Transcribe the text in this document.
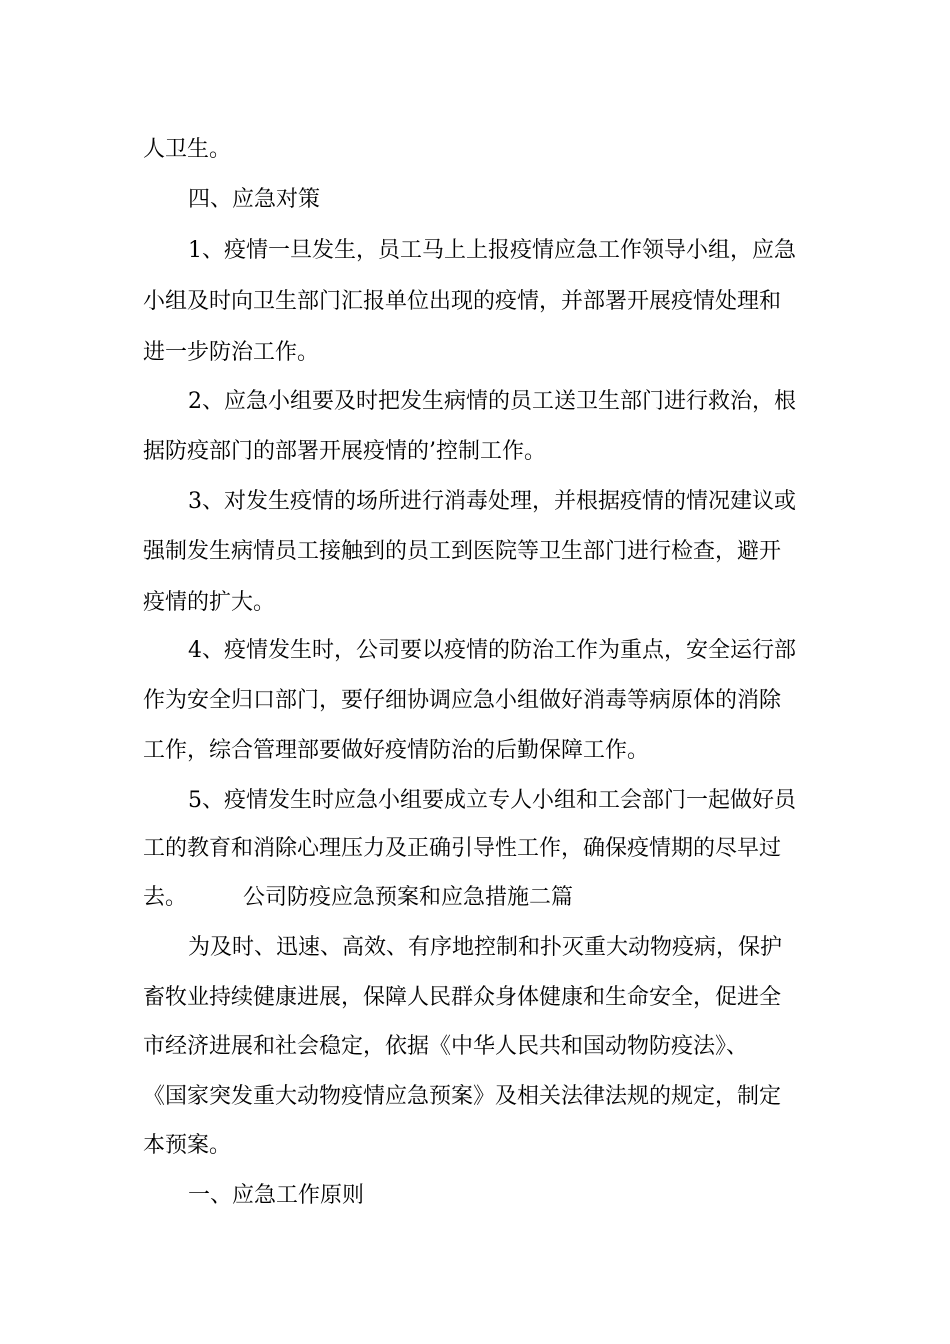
人卫生。
四、应急对策
1、疫情一旦发生，员工马上上报疫情应急工作领导小组，应急
小组及时向卫生部门汇报单位出现的疫情，并部署开展疫情处理和
进一步防治工作。
2、应急小组要及时把发生病情的员工送卫生部门进行救治，根
据防疫部门的部署开展疫情的’控制工作。
3、对发生疫情的场所进行消毒处理，并根据疫情的情况建议或
强制发生病情员工接触到的员工到医院等卫生部门进行检查，避开
疫情的扩大。
4、疫情发生时，公司要以疫情的防治工作为重点，安全运行部
作为安全归口部门，要仔细协调应急小组做好消毒等病原体的消除
工作，综合管理部要做好疫情防治的后勤保障工作。
5、疫情发生时应急小组要成立专人小组和工会部门一起做好员
工的教育和消除心理压力及正确引导性工作，确保疫情期的尽早过
去。	公司防疫应急预案和应急措施二篇
为及时、迅速、高效、有序地控制和扑灭重大动物疫病，保护
畜牧业持续健康进展，保障人民群众身体健康和生命安全，促进全
市经济进展和社会稳定，依据《中华人民共和国动物防疫法》、
《国家突发重大动物疫情应急预案》及相关法律法规的规定，制定
本预案。
一、应急工作原则
